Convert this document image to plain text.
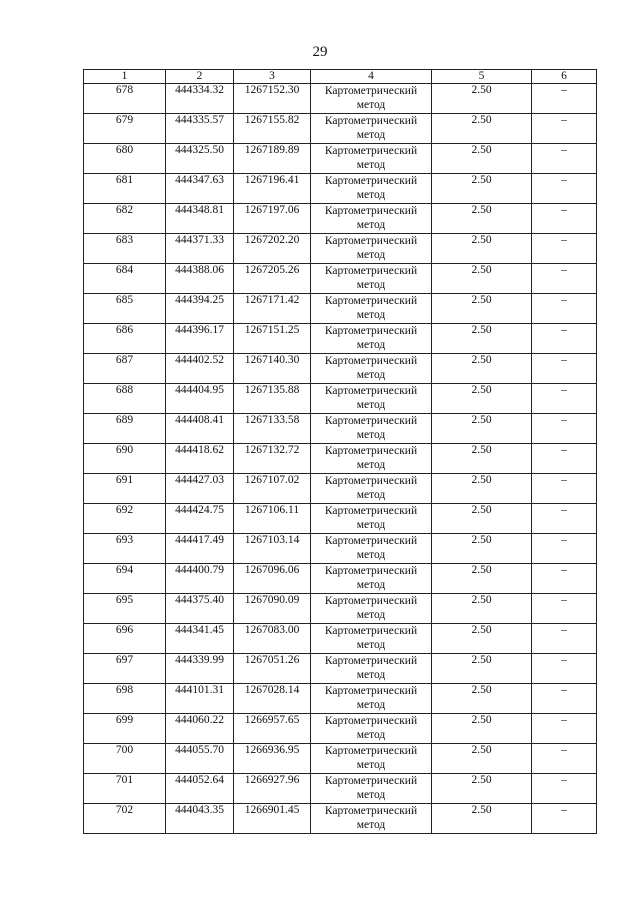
29
1	2	3	4	5	6
678	444334.32	1267152.30	Картометрический метод	2.50	–
679	444335.57	1267155.82	Картометрический метод	2.50	–
680	444325.50	1267189.89	Картометрический метод	2.50	–
681	444347.63	1267196.41	Картометрический метод	2.50	–
682	444348.81	1267197.06	Картометрический метод	2.50	–
683	444371.33	1267202.20	Картометрический метод	2.50	–
684	444388.06	1267205.26	Картометрический метод	2.50	–
685	444394.25	1267171.42	Картометрический метод	2.50	–
686	444396.17	1267151.25	Картометрический метод	2.50	–
687	444402.52	1267140.30	Картометрический метод	2.50	–
688	444404.95	1267135.88	Картометрический метод	2.50	–
689	444408.41	1267133.58	Картометрический метод	2.50	–
690	444418.62	1267132.72	Картометрический метод	2.50	–
691	444427.03	1267107.02	Картометрический метод	2.50	–
692	444424.75	1267106.11	Картометрический метод	2.50	–
693	444417.49	1267103.14	Картометрический метод	2.50	–
694	444400.79	1267096.06	Картометрический метод	2.50	–
695	444375.40	1267090.09	Картометрический метод	2.50	–
696	444341.45	1267083.00	Картометрический метод	2.50	–
697	444339.99	1267051.26	Картометрический метод	2.50	–
698	444101.31	1267028.14	Картометрический метод	2.50	–
699	444060.22	1266957.65	Картометрический метод	2.50	–
700	444055.70	1266936.95	Картометрический метод	2.50	–
701	444052.64	1266927.96	Картометрический метод	2.50	–
702	444043.35	1266901.45	Картометрический метод	2.50	–
